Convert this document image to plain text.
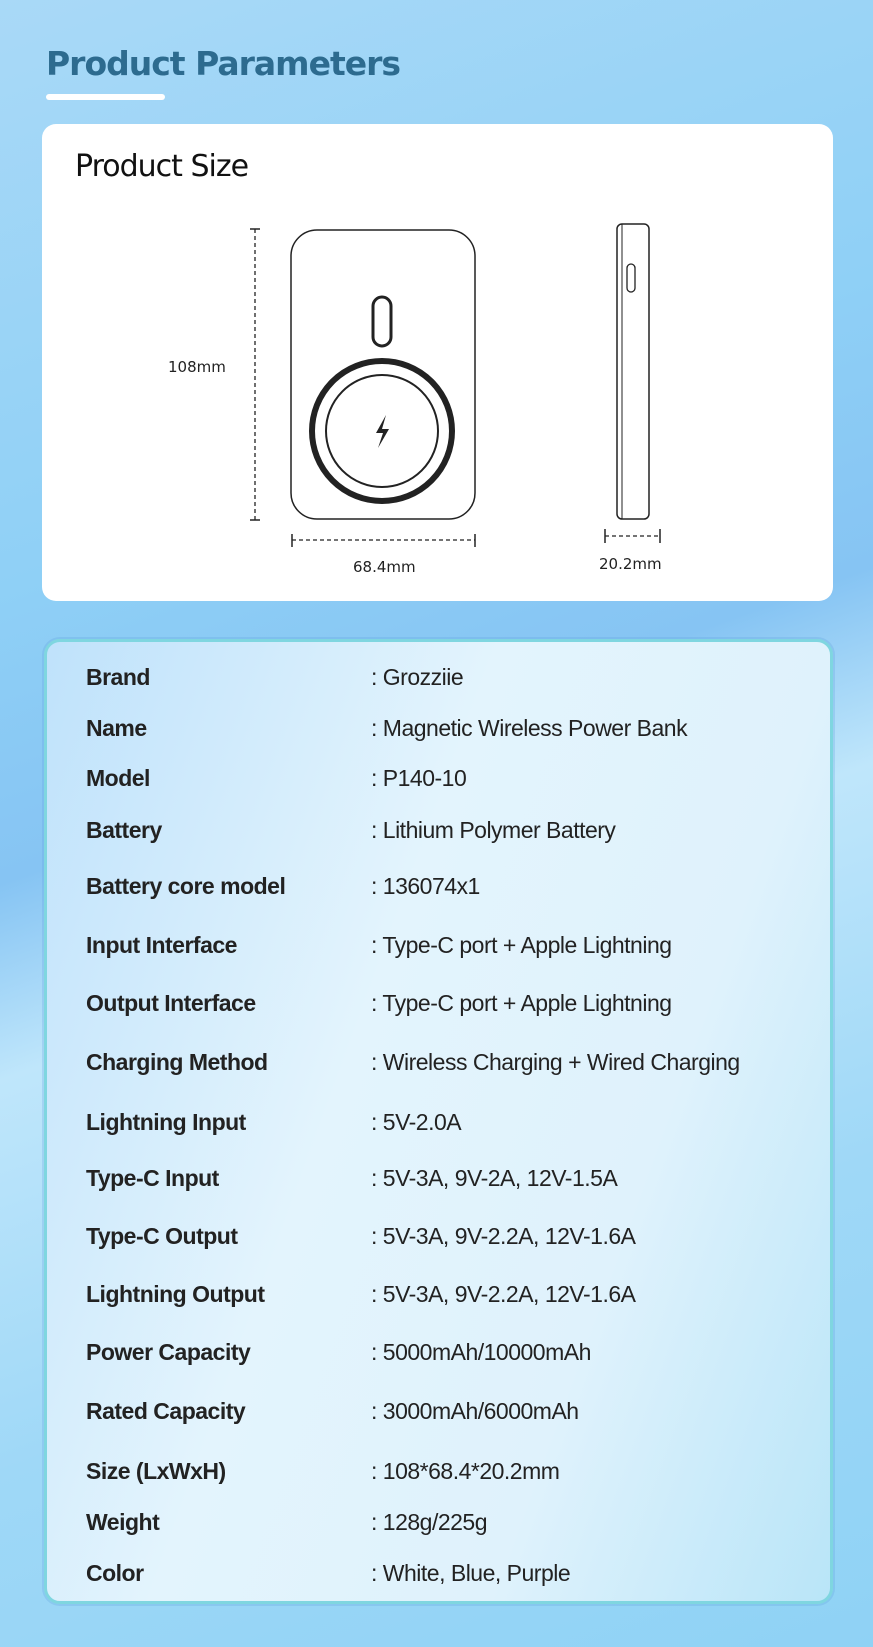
Product Parameters
Product Size
108mm
68.4mm	20.2mm
Brand	: Grozziie
Name	: Magnetic Wireless Power Bank
Model	: P140-10
Battery	: Lithium Polymer Battery
Battery core model	: 136074x1
Input Interface	: Type-C port + Apple Lightning
Output Interface	: Type-C port + Apple Lightning
Charging Method	: Wireless Charging + Wired Charging
Lightning Input	: 5V-2.0A
Type-C Input	: 5V-3A, 9V-2A, 12V-1.5A
Type-C Output	: 5V-3A, 9V-2.2A, 12V-1.6A
Lightning Output	: 5V-3A, 9V-2.2A, 12V-1.6A
Power Capacity	: 5000mAh/10000mAh
Rated Capacity	: 3000mAh/6000mAh
Size (LxWxH)	: 108*68.4*20.2mm
Weight	: 128g/225g
Color	: White, Blue, Purple
